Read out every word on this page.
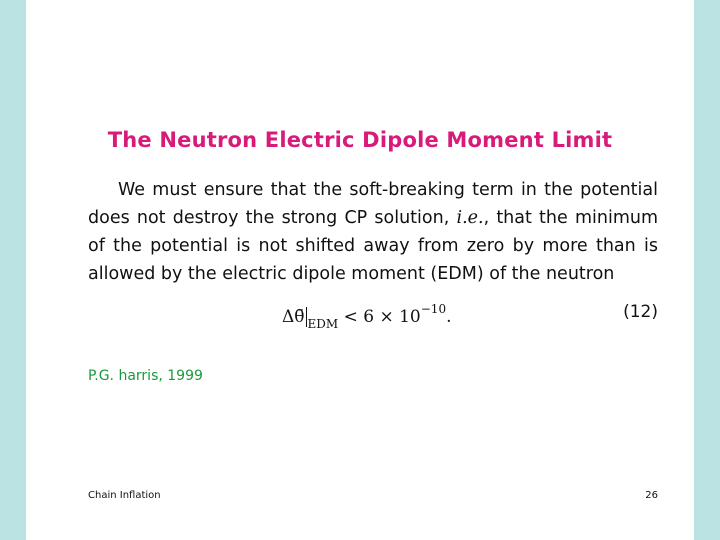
The Neutron Electric Dipole Moment Limit
We must ensure that the soft-breaking term in the potential does not destroy the strong CP solution, i.e., that the minimum of the potential is not shifted away from zero by more than is allowed by the electric dipole moment (EDM) of the neutron
Δθ̄ $_{EDM} < 6 \times 10^{-10}$.	(12)
P.G. harris, 1999
Chain Inflation	26
